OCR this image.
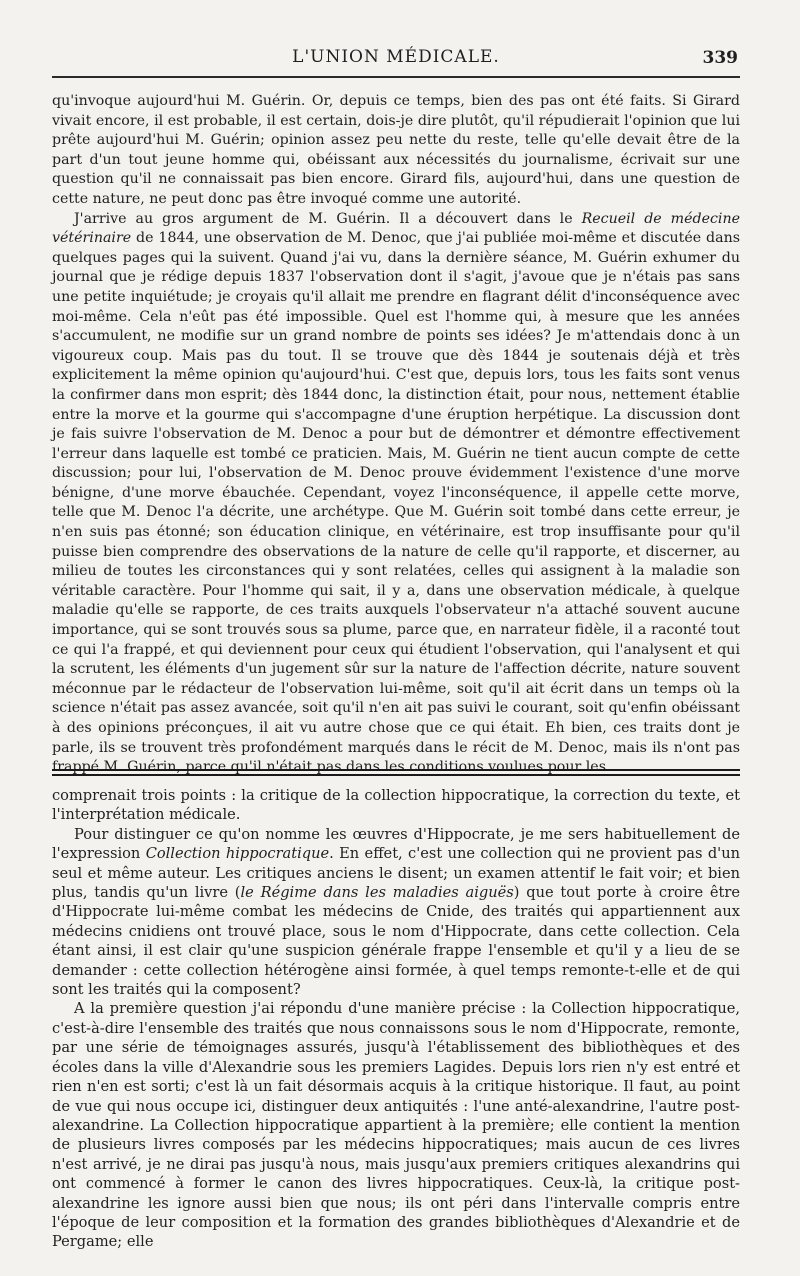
L'UNION MÉDICALE.	339

qu'invoque aujourd'hui M. Guérin. Or, depuis ce temps, bien des pas ont été faits. Si Girard vivait encore, il est probable, il est certain, dois-je dire plutôt, qu'il répudierait l'opinion que lui prête aujourd'hui M. Guérin; opinion assez peu nette du reste, telle qu'elle devait être de la part d'un tout jeune homme qui, obéissant aux nécessités du journalisme, écrivait sur une question qu'il ne connaissait pas bien encore. Girard fils, aujourd'hui, dans une question de cette nature, ne peut donc pas être invoqué comme une autorité.

J'arrive au gros argument de M. Guérin. Il a découvert dans le Recueil de médecine vétérinaire de 1844, une observation de M. Denoc, que j'ai publiée moi-même et discutée dans quelques pages qui la suivent. Quand j'ai vu, dans la dernière séance, M. Guérin exhumer du journal que je rédige depuis 1837 l'observation dont il s'agit, j'avoue que je n'étais pas sans une petite inquiétude; je croyais qu'il allait me prendre en flagrant délit d'inconséquence avec moi-même. Cela n'eût pas été impossible. Quel est l'homme qui, à mesure que les années s'accumulent, ne modifie sur un grand nombre de points ses idées? Je m'attendais donc à un vigoureux coup. Mais pas du tout. Il se trouve que dès 1844 je soutenais déjà et très explicitement la même opinion qu'aujourd'hui. C'est que, depuis lors, tous les faits sont venus la confirmer dans mon esprit; dès 1844 donc, la distinction était, pour nous, nettement établie entre la morve et la gourme qui s'accompagne d'une éruption herpétique. La discussion dont je fais suivre l'observation de M. Denoc a pour but de démontrer et démontre effectivement l'erreur dans laquelle est tombé ce praticien. Mais, M. Guérin ne tient aucun compte de cette discussion; pour lui, l'observation de M. Denoc prouve évidemment l'existence d'une morve bénigne, d'une morve ébauchée. Cependant, voyez l'inconséquence, il appelle cette morve, telle que M. Denoc l'a décrite, une archétype. Que M. Guérin soit tombé dans cette erreur, je n'en suis pas étonné; son éducation clinique, en vétérinaire, est trop insuffisante pour qu'il puisse bien comprendre des observations de la nature de celle qu'il rapporte, et discerner, au milieu de toutes les circonstances qui y sont relatées, celles qui assignent à la maladie son véritable caractère. Pour l'homme qui sait, il y a, dans une observation médicale, à quelque maladie qu'elle se rapporte, de ces traits auxquels l'observateur n'a attaché souvent aucune importance, qui se sont trouvés sous sa plume, parce que, en narrateur fidèle, il a raconté tout ce qui l'a frappé, et qui deviennent pour ceux qui étudient l'observation, qui l'analysent et qui la scrutent, les éléments d'un jugement sûr sur la nature de l'affection décrite, nature souvent méconnue par le rédacteur de l'observation lui-même, soit qu'il ait écrit dans un temps où la science n'était pas assez avancée, soit qu'il n'en ait pas suivi le courant, soit qu'enfin obéissant à des opinions préconçues, il ait vu autre chose que ce qui était. Eh bien, ces traits dont je parle, ils se trouvent très profondément marqués dans le récit de M. Denoc, mais ils n'ont pas frappé M. Guérin, parce qu'il n'était pas dans les conditions voulues pour les

comprenait trois points : la critique de la collection hippocratique, la correction du texte, et l'interprétation médicale.

Pour distinguer ce qu'on nomme les œuvres d'Hippocrate, je me sers habituellement de l'expression Collection hippocratique. En effet, c'est une collection qui ne provient pas d'un seul et même auteur. Les critiques anciens le disent; un examen attentif le fait voir; et bien plus, tandis qu'un livre (le Régime dans les maladies aiguës) que tout porte à croire être d'Hippocrate lui-même combat les médecins de Cnide, des traités qui appartiennent aux médecins cnidiens ont trouvé place, sous le nom d'Hippocrate, dans cette collection. Cela étant ainsi, il est clair qu'une suspicion générale frappe l'ensemble et qu'il y a lieu de se demander : cette collection hétérogène ainsi formée, à quel temps remonte-t-elle et de qui sont les traités qui la composent?

A la première question j'ai répondu d'une manière précise : la Collection hippocratique, c'est-à-dire l'ensemble des traités que nous connaissons sous le nom d'Hippocrate, remonte, par une série de témoignages assurés, jusqu'à l'établissement des bibliothèques et des écoles dans la ville d'Alexandrie sous les premiers Lagides. Depuis lors rien n'y est entré et rien n'en est sorti; c'est là un fait désormais acquis à la critique historique. Il faut, au point de vue qui nous occupe ici, distinguer deux antiquités : l'une anté-alexandrine, l'autre post-alexandrine. La Collection hippocratique appartient à la première; elle contient la mention de plusieurs livres composés par les médecins hippocratiques; mais aucun de ces livres n'est arrivé, je ne dirai pas jusqu'à nous, mais jusqu'aux premiers critiques alexandrins qui ont commencé à former le canon des livres hippocratiques. Ceux-là, la critique post-alexandrine les ignore aussi bien que nous; ils ont péri dans l'intervalle compris entre l'époque de leur composition et la formation des grandes bibliothèques d'Alexandrie et de Pergame; elle
